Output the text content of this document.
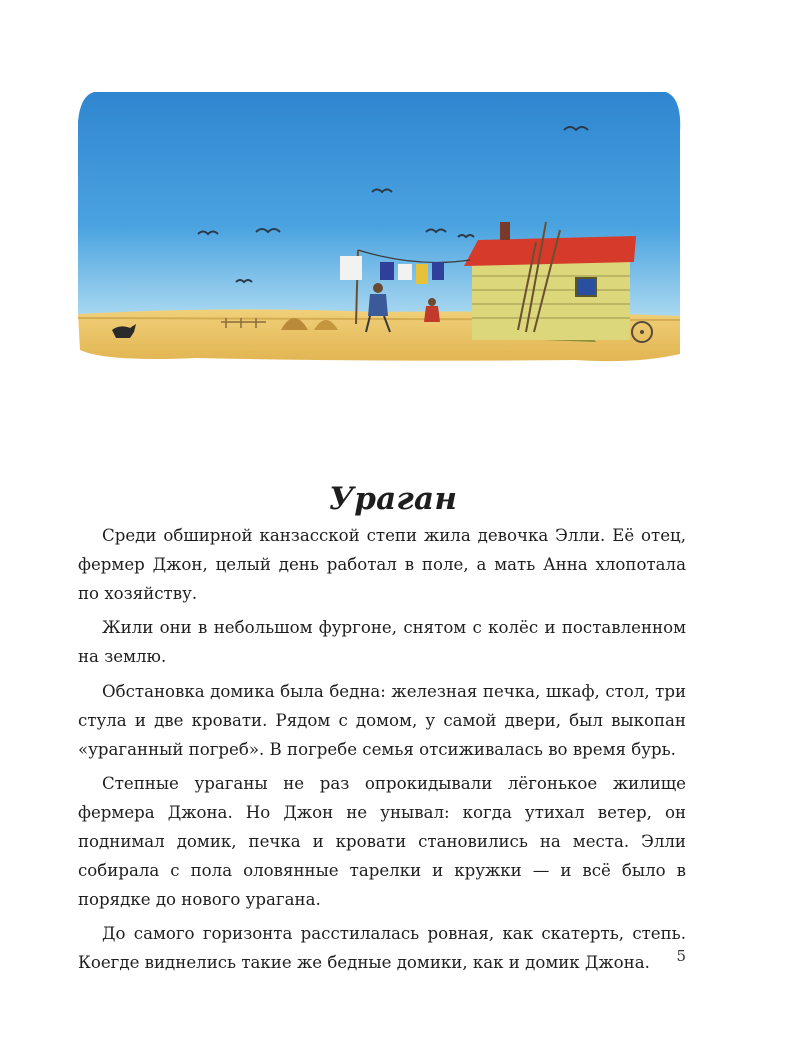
Ураган

Среди обширной канзасской степи жила девочка Элли. Её отец, фермер Джон, целый день работал в поле, а мать Анна хлопотала по хозяйству.

Жили они в небольшом фургоне, снятом с колёс и поставленном на землю.

Обстановка домика была бедна: железная печка, шкаф, стол, три стула и две кровати. Рядом с домом, у самой двери, был выкопан «ураганный погреб». В погребе семья отсиживалась во время бурь.

Степные ураганы не раз опрокидывали лёгонькое жилище фермера Джона. Но Джон не унывал: когда утихал ветер, он поднимал домик, печка и кровати становились на места. Элли собирала с пола оловянные тарелки и кружки — и всё было в порядке до нового урагана.

До самого горизонта расстилалась ровная, как скатерть, степь. Коегде виднелись такие же бедные домики, как и домик Джона.	5
